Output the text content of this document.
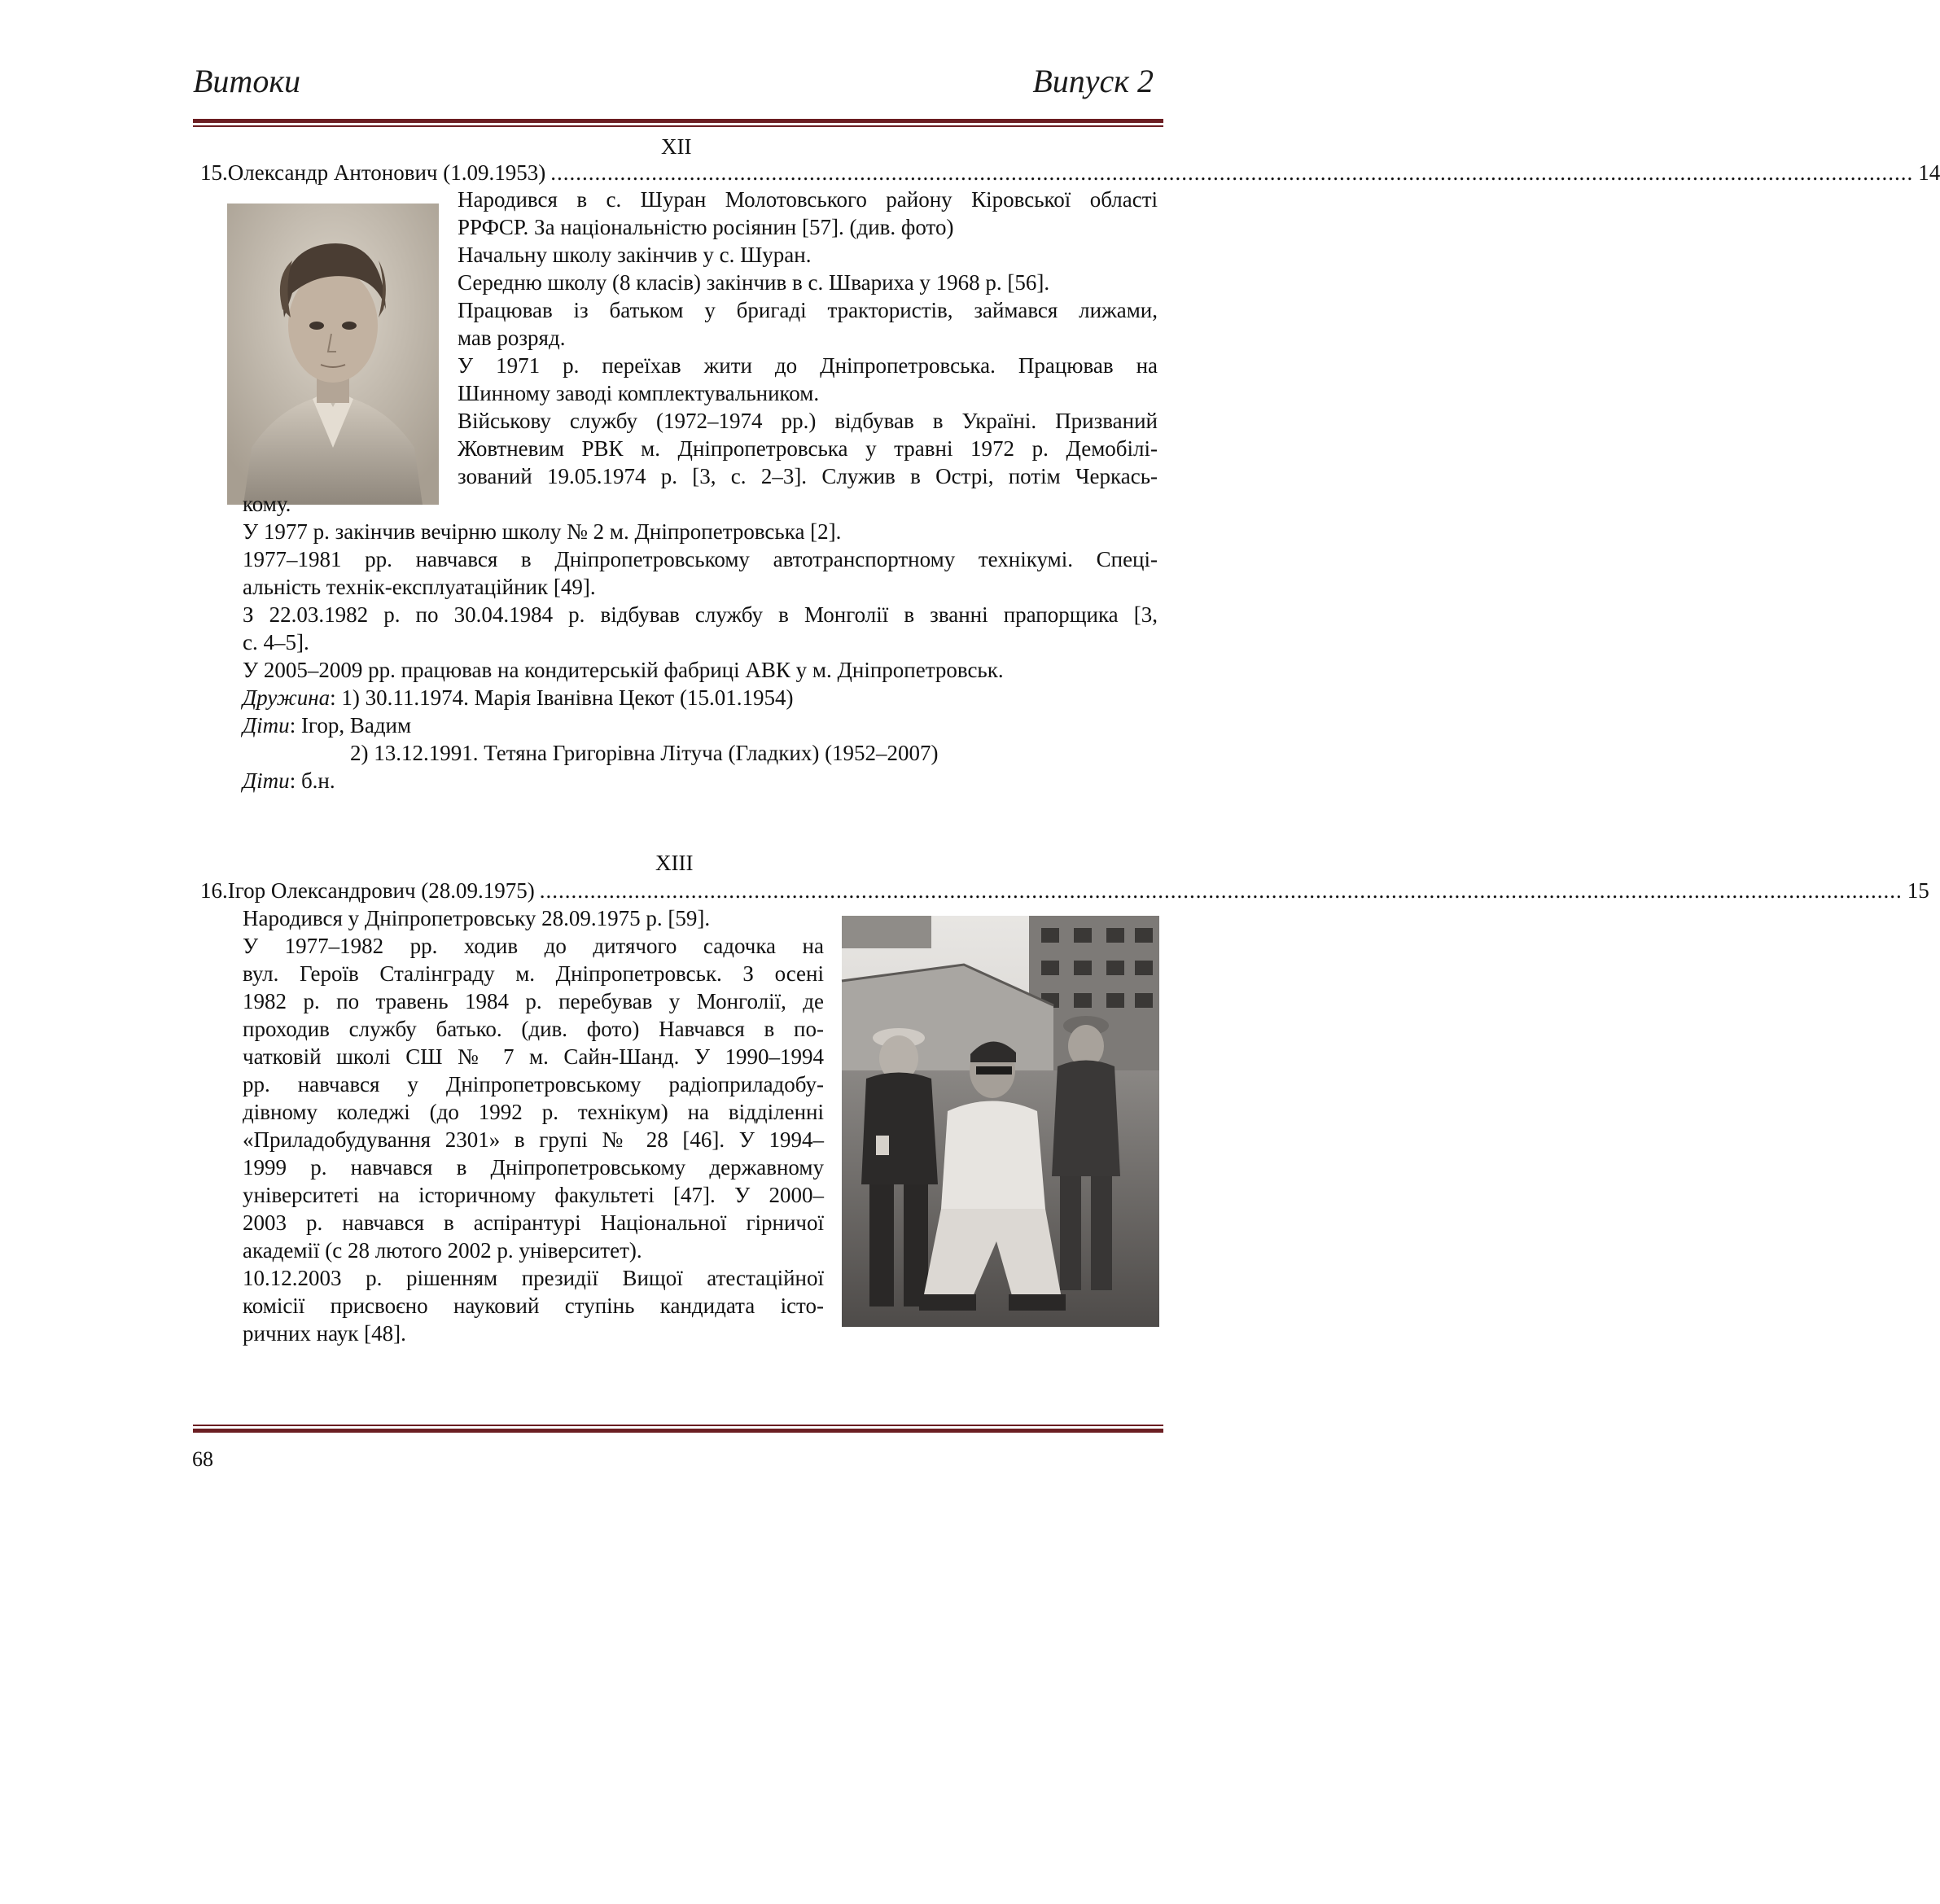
Витоки	Випуск 2
XII
15. Олександр Антонович (1.09.1953) ........................................................................................................................................................................................................................ 14
Народився в с. Шуран Молотовського району Кіровської області
РРФСР. За національністю росіянин [57]. (див. фото)
Начальну школу закінчив у с. Шуран.
Середню школу (8 класів) закінчив в с. Швариха у 1968 р. [56].
Працював із батьком у бригаді трактористів, займався лижами,
мав розряд.
У 1971 р. переїхав жити до Дніпропетровська. Працював на
Шинному заводі комплектувальником.
Військову службу (1972–1974 рр.) відбував в Україні. Призваний
Жовтневим РВК м. Дніпропетровська у травні 1972 р. Демобілі-
зований 19.05.1974 р. [3, с. 2–3]. Служив в Острі, потім Черкась-
кому.
У 1977 р. закінчив вечірню школу № 2 м. Дніпропетровська [2].
1977–1981 рр. навчався в Дніпропетровському автотранспортному технікумі. Спеці-
альність технік-експлуатаційник [49].
З 22.03.1982 р. по 30.04.1984 р. відбував службу в Монголії в званні прапорщика [3,
с. 4–5].
У 2005–2009 рр. працював на кондитерській фабриці АВК у м. Дніпропетровськ.
Дружина: 1) 30.11.1974. Марія Іванівна Цекот (15.01.1954)
Діти: Ігор, Вадим
2) 13.12.1991. Тетяна Григорівна Літуча (Гладких) (1952–2007)
Діти: б.н.
XIII
16. Ігор Олександрович (28.09.1975) ........................................................................................................................................................................................................................ 15
Народився у Дніпропетровську 28.09.1975 р. [59].
У 1977–1982 рр. ходив до дитячого садочка на
вул. Героїв Сталінграду м. Дніпропетровськ. З осені
1982 р. по травень 1984 р. перебував у Монголії, де
проходив службу батько. (див. фото) Навчався в по-
чатковій школі СШ № 7 м. Сайн-Шанд. У 1990–1994
рр. навчався у Дніпропетровському радіоприладобу-
дівному коледжі (до 1992 р. технікум) на відділенні
«Приладобудування 2301» в групі № 28 [46]. У 1994–
1999 р. навчався в Дніпропетровському державному
університеті на історичному факультеті [47]. У 2000–
2003 р. навчався в аспірантурі Національної гірничої
академії (с 28 лютого 2002 р. університет).
10.12.2003 р. рішенням президії Вищої атестаційної
комісії присвоєно науковий ступінь кандидата істо-
ричних наук [48].
68
